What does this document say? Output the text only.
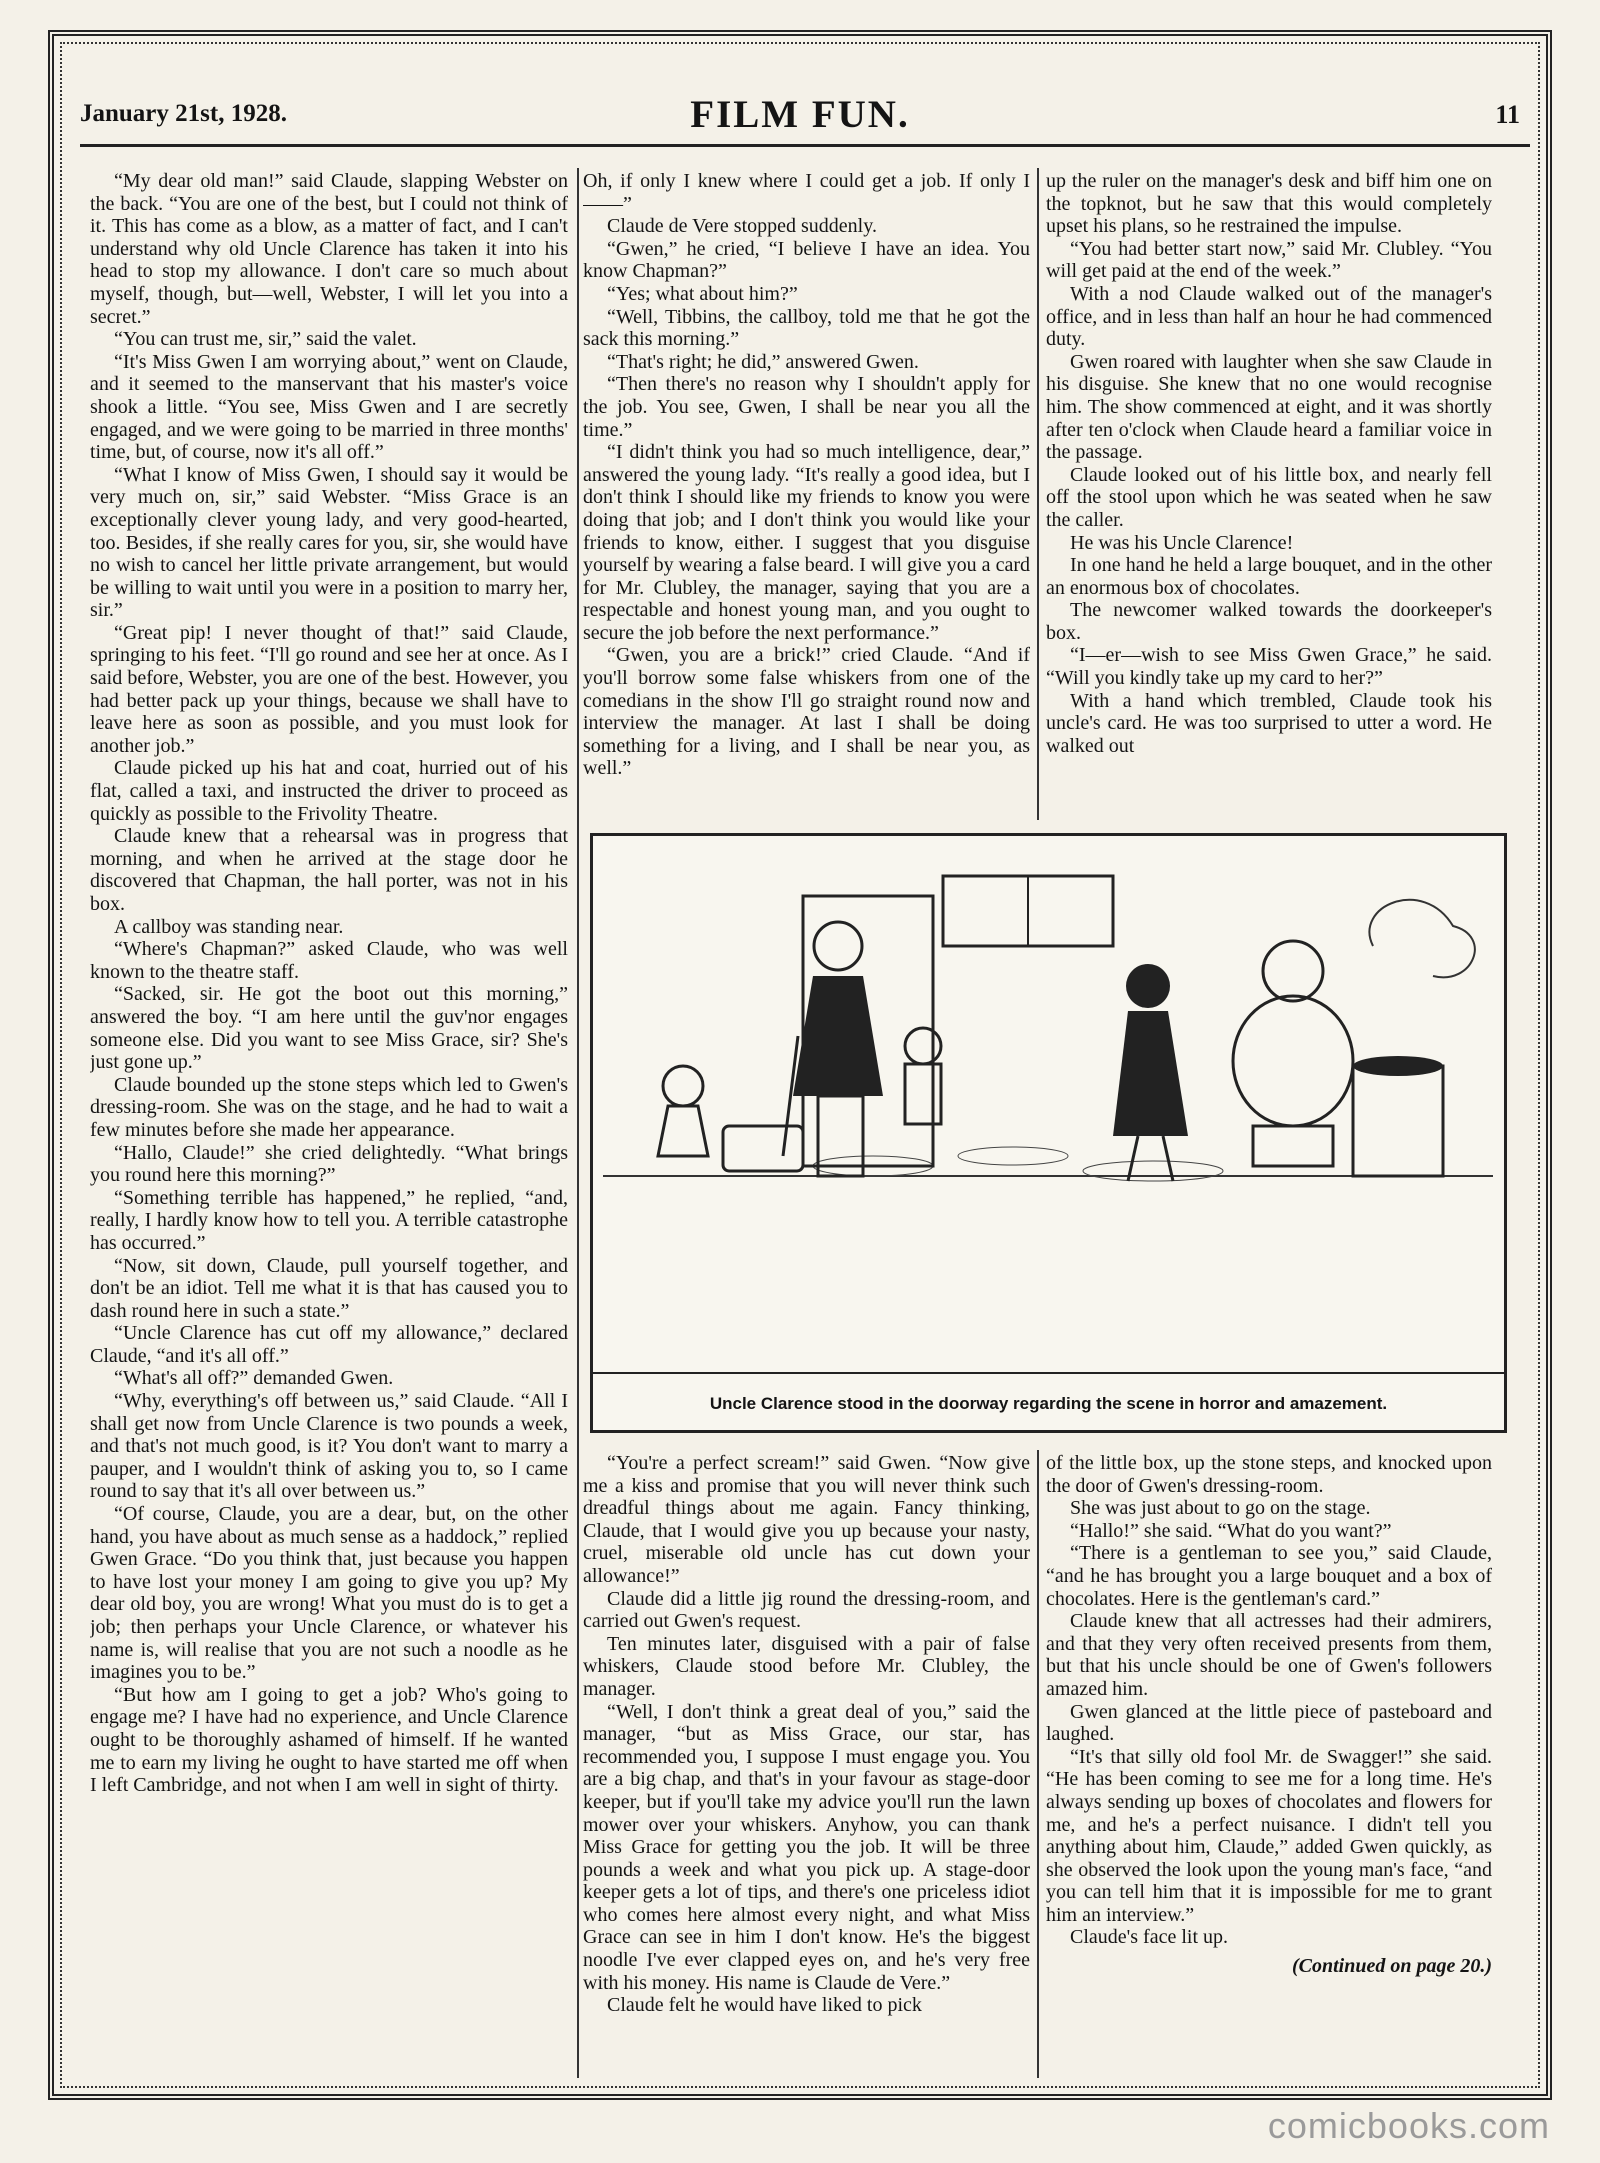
January 21st, 1928.	FILM FUN.	11

“My dear old man!” said Claude, slapping Webster on the back. “You are one of the best, but I could not think of it. This has come as a blow, as a matter of fact, and I can't understand why old Uncle Clarence has taken it into his head to stop my allowance. I don't care so much about myself, though, but—well, Webster, I will let you into a secret.”

“You can trust me, sir,” said the valet.

“It's Miss Gwen I am worrying about,” went on Claude, and it seemed to the manservant that his master's voice shook a little. “You see, Miss Gwen and I are secretly engaged, and we were going to be married in three months' time, but, of course, now it's all off.”

“What I know of Miss Gwen, I should say it would be very much on, sir,” said Webster. “Miss Grace is an exceptionally clever young lady, and very good-hearted, too. Besides, if she really cares for you, sir, she would have no wish to cancel her little private arrangement, but would be willing to wait until you were in a position to marry her, sir.”

“Great pip! I never thought of that!” said Claude, springing to his feet. “I'll go round and see her at once. As I said before, Webster, you are one of the best. However, you had better pack up your things, because we shall have to leave here as soon as possible, and you must look for another job.”

Claude picked up his hat and coat, hurried out of his flat, called a taxi, and instructed the driver to proceed as quickly as possible to the Frivolity Theatre.

Claude knew that a rehearsal was in progress that morning, and when he arrived at the stage door he discovered that Chapman, the hall porter, was not in his box.

A callboy was standing near.

“Where's Chapman?” asked Claude, who was well known to the theatre staff.

“Sacked, sir. He got the boot out this morning,” answered the boy. “I am here until the guv'nor engages someone else. Did you want to see Miss Grace, sir? She's just gone up.”

Claude bounded up the stone steps which led to Gwen's dressing-room. She was on the stage, and he had to wait a few minutes before she made her appearance.

“Hallo, Claude!” she cried delightedly. “What brings you round here this morning?”

“Something terrible has happened,” he replied, “and, really, I hardly know how to tell you. A terrible catastrophe has occurred.”

“Now, sit down, Claude, pull yourself together, and don't be an idiot. Tell me what it is that has caused you to dash round here in such a state.”

“Uncle Clarence has cut off my allowance,” declared Claude, “and it's all off.”

“What's all off?” demanded Gwen.

“Why, everything's off between us,” said Claude. “All I shall get now from Uncle Clarence is two pounds a week, and that's not much good, is it? You don't want to marry a pauper, and I wouldn't think of asking you to, so I came round to say that it's all over between us.”

“Of course, Claude, you are a dear, but, on the other hand, you have about as much sense as a haddock,” replied Gwen Grace. “Do you think that, just because you happen to have lost your money I am going to give you up? My dear old boy, you are wrong! What you must do is to get a job; then perhaps your Uncle Clarence, or whatever his name is, will realise that you are not such a noodle as he imagines you to be.”

“But how am I going to get a job? Who's going to engage me? I have had no experience, and Uncle Clarence ought to be thoroughly ashamed of himself. If he wanted me to earn my living he ought to have started me off when I left Cambridge, and not when I am well in sight of thirty.

Oh, if only I knew where I could get a job. If only I——”

Claude de Vere stopped suddenly.

“Gwen,” he cried, “I believe I have an idea. You know Chapman?”

“Yes; what about him?”

“Well, Tibbins, the callboy, told me that he got the sack this morning.”

“That's right; he did,” answered Gwen.

“Then there's no reason why I shouldn't apply for the job. You see, Gwen, I shall be near you all the time.”

“I didn't think you had so much intelligence, dear,” answered the young lady. “It's really a good idea, but I don't think I should like my friends to know you were doing that job; and I don't think you would like your friends to know, either. I suggest that you disguise yourself by wearing a false beard. I will give you a card for Mr. Clubley, the manager, saying that you are a respectable and honest young man, and you ought to secure the job before the next performance.”

“Gwen, you are a brick!” cried Claude. “And if you'll borrow some false whiskers from one of the comedians in the show I'll go straight round now and interview the manager. At last I shall be doing something for a living, and I shall be near you, as well.”

up the ruler on the manager's desk and biff him one on the topknot, but he saw that this would completely upset his plans, so he restrained the impulse.

“You had better start now,” said Mr. Clubley. “You will get paid at the end of the week.”

With a nod Claude walked out of the manager's office, and in less than half an hour he had commenced duty.

Gwen roared with laughter when she saw Claude in his disguise. She knew that no one would recognise him. The show commenced at eight, and it was shortly after ten o'clock when Claude heard a familiar voice in the passage.

Claude looked out of his little box, and nearly fell off the stool upon which he was seated when he saw the caller.

He was his Uncle Clarence!

In one hand he held a large bouquet, and in the other an enormous box of chocolates.

The newcomer walked towards the doorkeeper's box.

“I—er—wish to see Miss Gwen Grace,” he said. “Will you kindly take up my card to her?”

With a hand which trembled, Claude took his uncle's card. He was too surprised to utter a word. He walked out

Uncle Clarence stood in the doorway regarding the scene in horror and amazement.

“You're a perfect scream!” said Gwen. “Now give me a kiss and promise that you will never think such dreadful things about me again. Fancy thinking, Claude, that I would give you up because your nasty, cruel, miserable old uncle has cut down your allowance!”

Claude did a little jig round the dressing-room, and carried out Gwen's request.

Ten minutes later, disguised with a pair of false whiskers, Claude stood before Mr. Clubley, the manager.

“Well, I don't think a great deal of you,” said the manager, “but as Miss Grace, our star, has recommended you, I suppose I must engage you. You are a big chap, and that's in your favour as stage-door keeper, but if you'll take my advice you'll run the lawn mower over your whiskers. Anyhow, you can thank Miss Grace for getting you the job. It will be three pounds a week and what you pick up. A stage-door keeper gets a lot of tips, and there's one priceless idiot who comes here almost every night, and what Miss Grace can see in him I don't know. He's the biggest noodle I've ever clapped eyes on, and he's very free with his money. His name is Claude de Vere.”

Claude felt he would have liked to pick

of the little box, up the stone steps, and knocked upon the door of Gwen's dressing-room.

She was just about to go on the stage.

“Hallo!” she said. “What do you want?”

“There is a gentleman to see you,” said Claude, “and he has brought you a large bouquet and a box of chocolates. Here is the gentleman's card.”

Claude knew that all actresses had their admirers, and that they very often received presents from them, but that his uncle should be one of Gwen's followers amazed him.

Gwen glanced at the little piece of pasteboard and laughed.

“It's that silly old fool Mr. de Swagger!” she said. “He has been coming to see me for a long time. He's always sending up boxes of chocolates and flowers for me, and he's a perfect nuisance. I didn't tell you anything about him, Claude,” added Gwen quickly, as she observed the look upon the young man's face, “and you can tell him that it is impossible for me to grant him an interview.”

Claude's face lit up.

(Continued on page 20.)

comicbooks.com
